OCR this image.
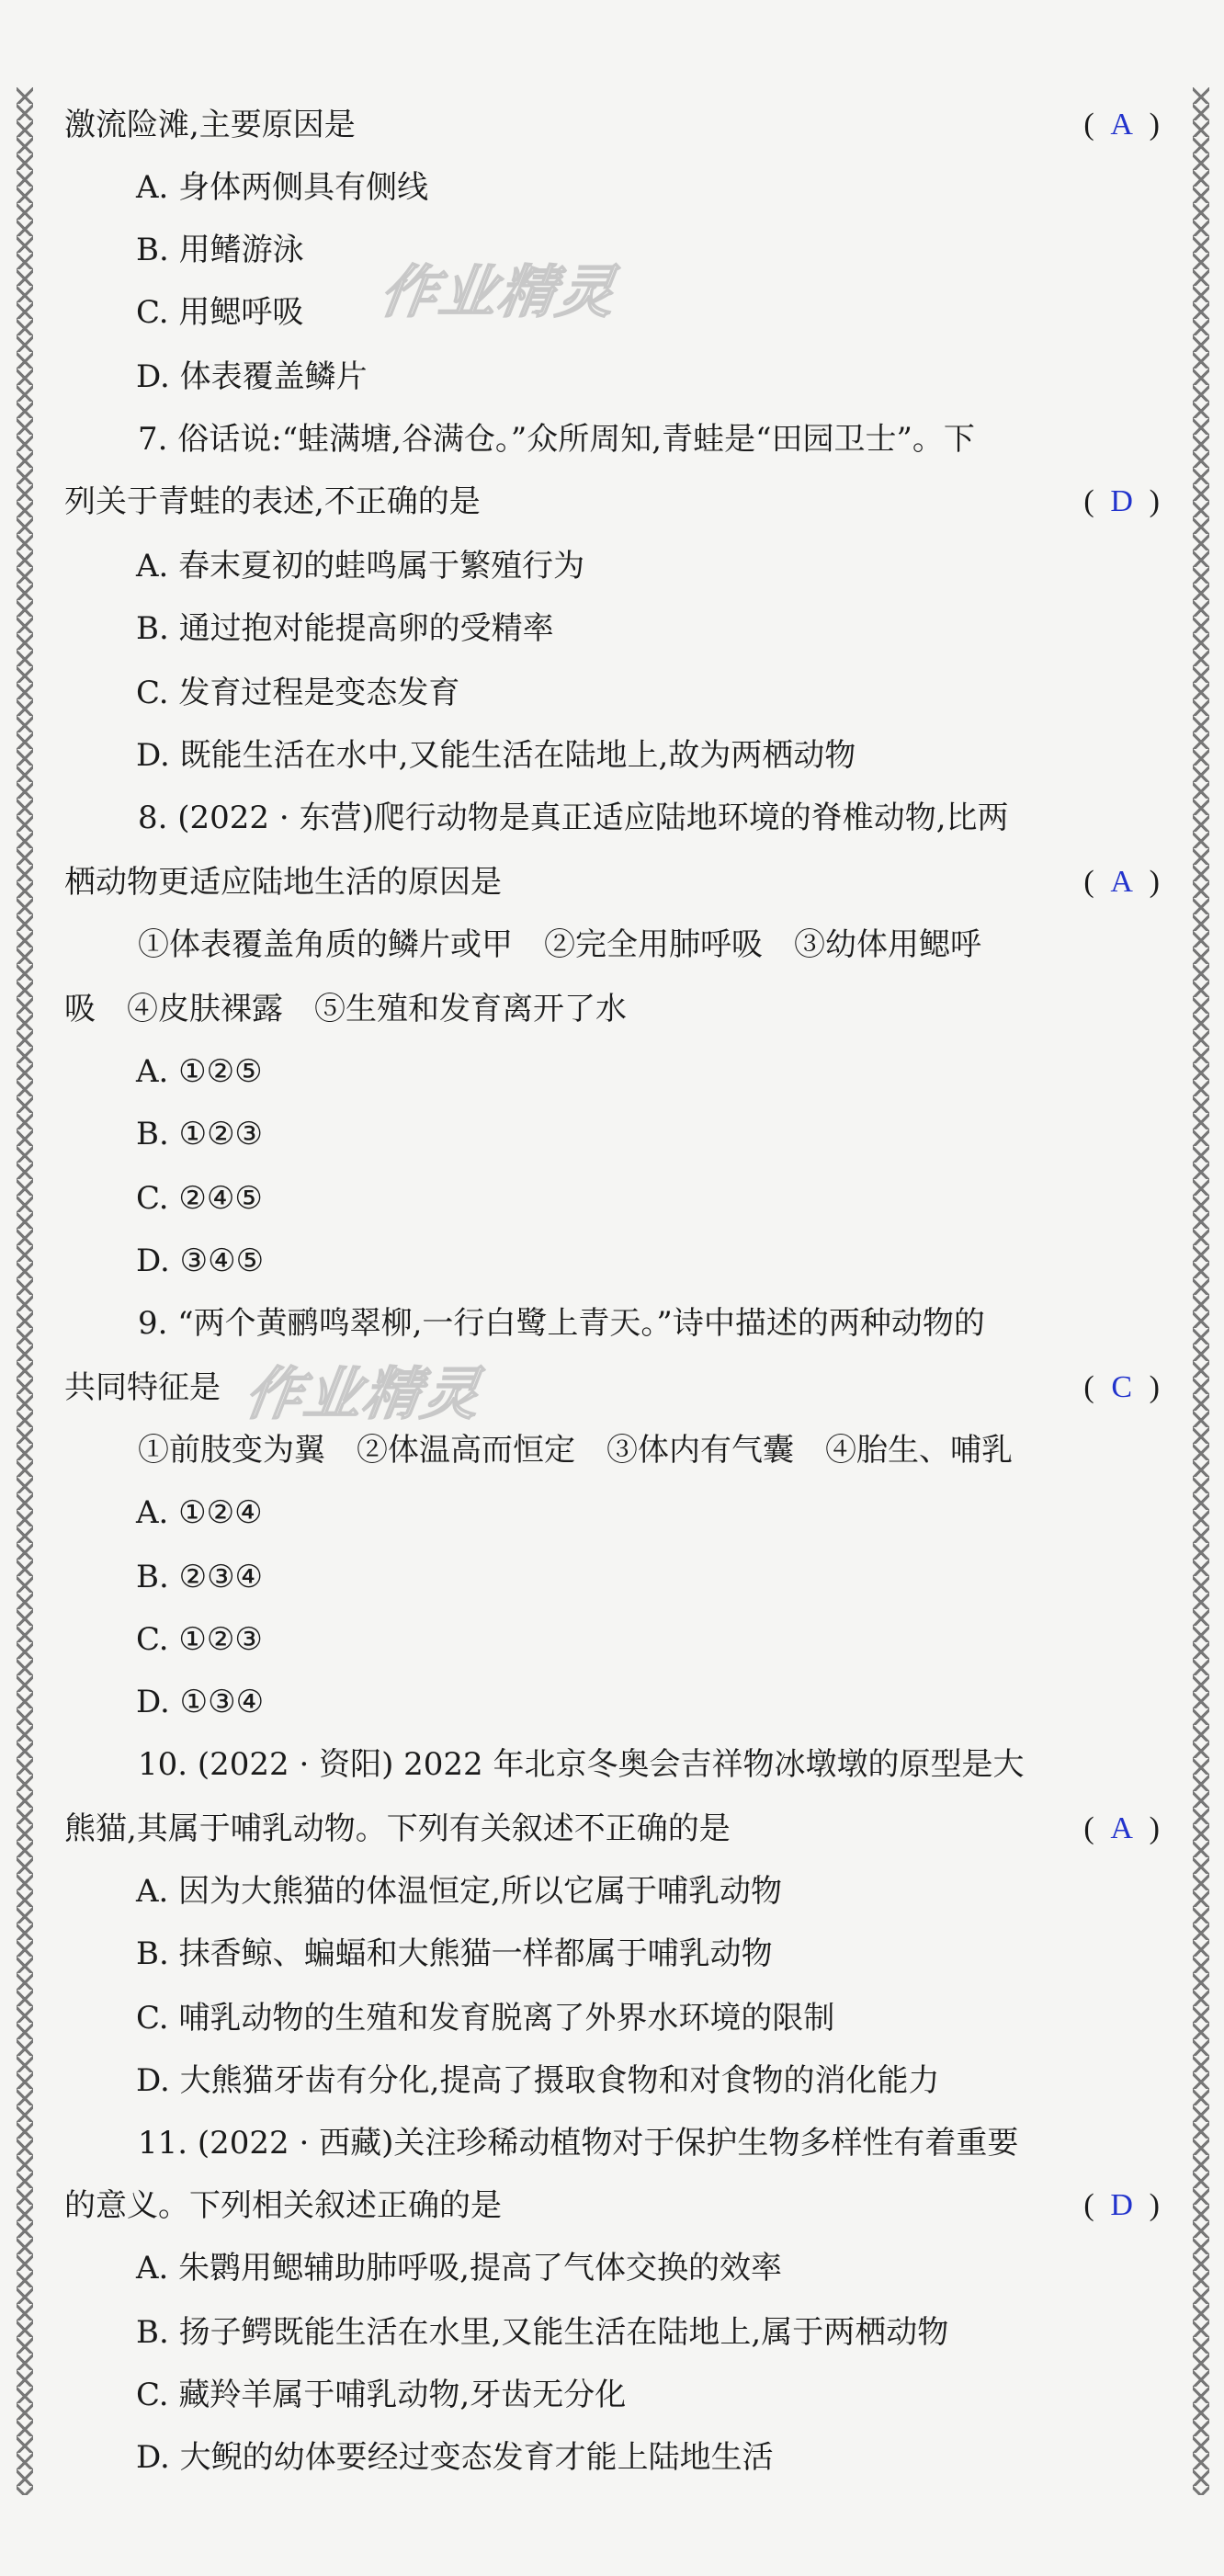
作业精灵
作业精灵
激流险滩,主要原因是	( A )
A. 身体两侧具有侧线
B. 用鳍游泳
C. 用鳃呼吸
D. 体表覆盖鳞片
7. 俗话说:“蛙满塘,谷满仓。”众所周知,青蛙是“田园卫士”。下
列关于青蛙的表述,不正确的是	( D )
A. 春末夏初的蛙鸣属于繁殖行为
B. 通过抱对能提高卵的受精率
C. 发育过程是变态发育
D. 既能生活在水中,又能生活在陆地上,故为两栖动物
8. (2022 · 东营)爬行动物是真正适应陆地环境的脊椎动物,比两
栖动物更适应陆地生活的原因是	( A )
①体表覆盖角质的鳞片或甲　②完全用肺呼吸　③幼体用鳃呼
吸　④皮肤裸露　⑤生殖和发育离开了水
A. ①②⑤
B. ①②③
C. ②④⑤
D. ③④⑤
9. “两个黄鹂鸣翠柳,一行白鹭上青天。”诗中描述的两种动物的
共同特征是	( C )
①前肢变为翼　②体温高而恒定　③体内有气囊　④胎生、哺乳
A. ①②④
B. ②③④
C. ①②③
D. ①③④
10. (2022 · 资阳) 2022 年北京冬奥会吉祥物冰墩墩的原型是大
熊猫,其属于哺乳动物。下列有关叙述不正确的是	( A )
A. 因为大熊猫的体温恒定,所以它属于哺乳动物
B. 抹香鲸、蝙蝠和大熊猫一样都属于哺乳动物
C. 哺乳动物的生殖和发育脱离了外界水环境的限制
D. 大熊猫牙齿有分化,提高了摄取食物和对食物的消化能力
11. (2022 · 西藏)关注珍稀动植物对于保护生物多样性有着重要
的意义。下列相关叙述正确的是	( D )
A. 朱鹮用鳃辅助肺呼吸,提高了气体交换的效率
B. 扬子鳄既能生活在水里,又能生活在陆地上,属于两栖动物
C. 藏羚羊属于哺乳动物,牙齿无分化
D. 大鲵的幼体要经过变态发育才能上陆地生活
